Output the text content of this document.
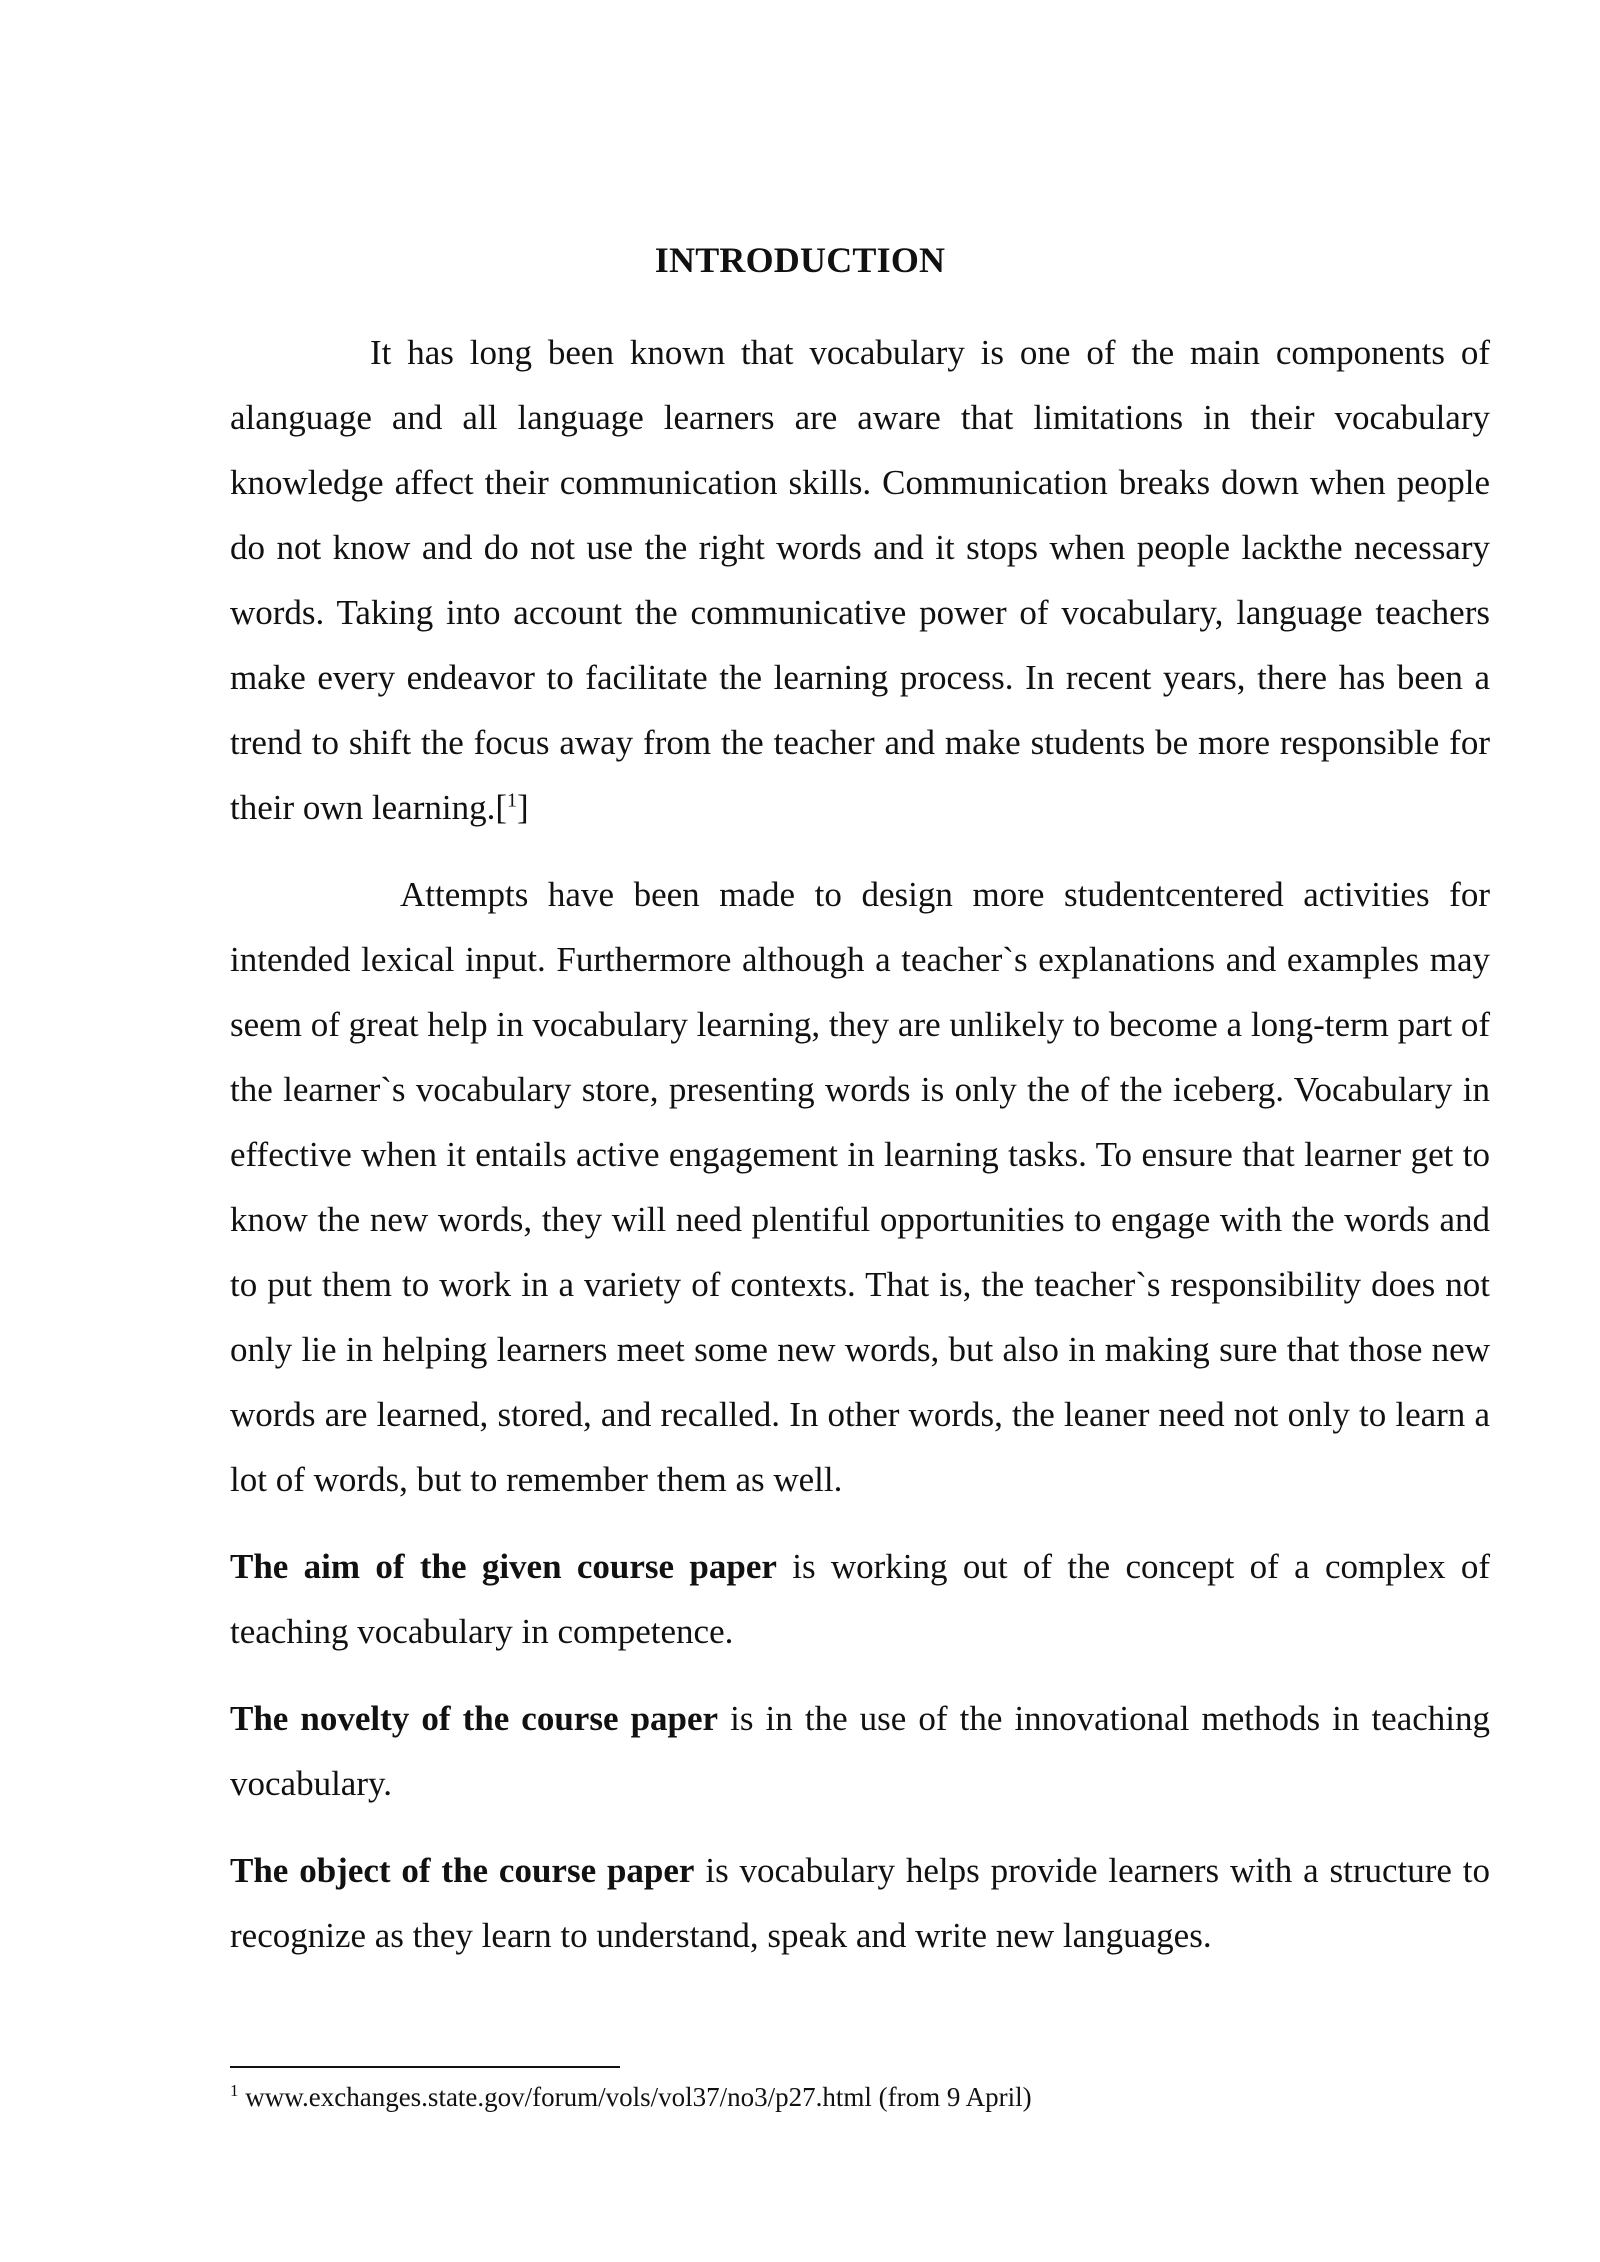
INTRODUCTION

It has long been known that vocabulary is one of the main components of alanguage and all language learners are aware that limitations in their vocabulary knowledge affect their communication skills. Communication breaks down when people do not know and do not use the right words and it stops when people lackthe necessary words. Taking into account the communicative power of vocabulary, language teachers make every endeavor to facilitate the learning process. In recent years, there has been a trend to shift the focus away from the teacher and make students be more responsible for their own learning.[$^1$]

Attempts have been made to design more studentcentered activities for intended lexical input. Furthermore although a teacher`s explanations and examples may seem of great help in vocabulary learning, they are unlikely to become a long-term part of the learner`s vocabulary store, presenting words is only the of the iceberg. Vocabulary in effective when it entails active engagement in learning tasks. To ensure that learner get to know the new words, they will need plentiful opportunities to engage with the words and to put them to work in a variety of contexts. That is, the teacher`s responsibility does not only lie in helping learners meet some new words, but also in making sure that those new words are learned, stored, and recalled. In other words, the leaner need not only to learn a lot of words, but to remember them as well.

The aim of the given course paper is working out of the concept of a complex of teaching vocabulary in competence.

The novelty of the course paper is in the use of the innovational methods in teaching vocabulary.

The object of the course paper is vocabulary helps provide learners with a structure to recognize as they learn to understand, speak and write new languages.

$^1$ www.exchanges.state.gov/forum/vols/vol37/no3/p27.html (from 9 April)
